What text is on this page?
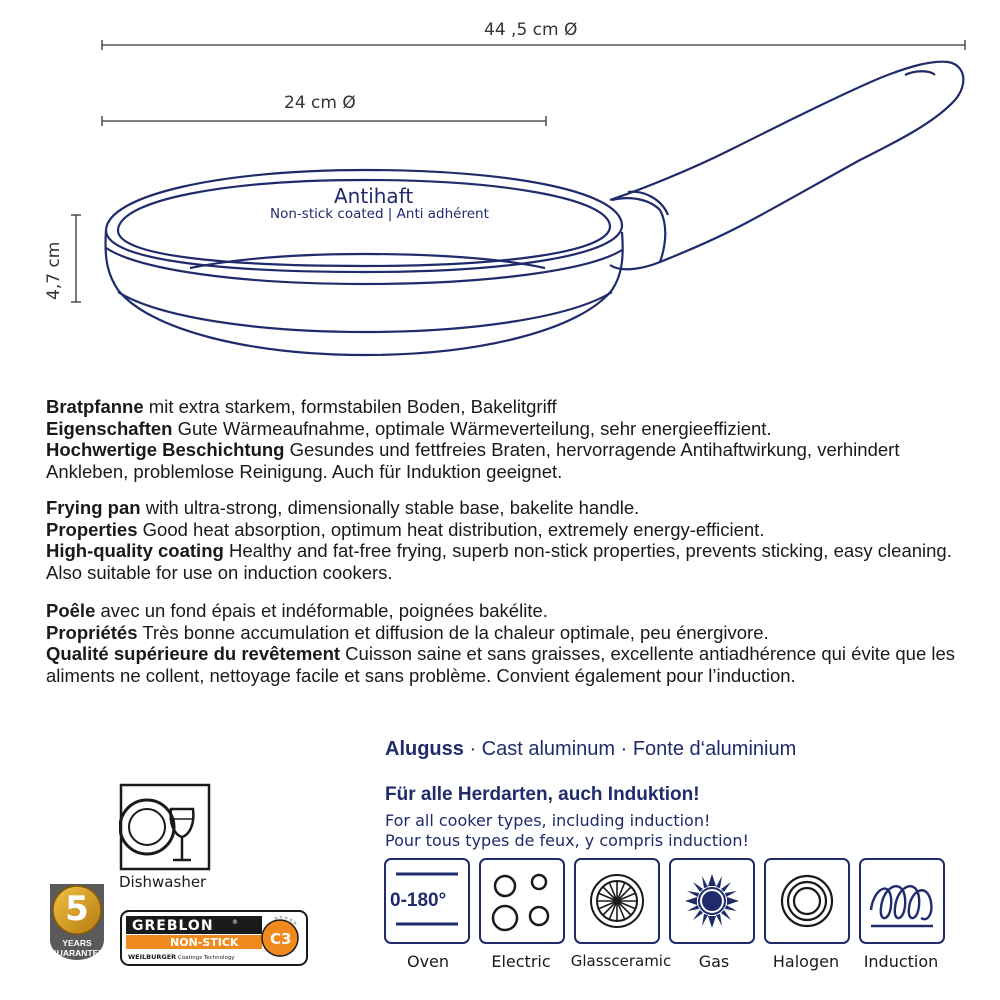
44 ,5 cm Ø
24 cm Ø
4,7 cm
Antihaft
Non-stick coated | Anti adhérent

Bratpfanne mit extra starkem, formstabilen Boden, Bakelitgriff

Eigenschaften Gute Wärmeaufnahme, optimale Wärmeverteilung, sehr energieeffizient.

Hochwertige Beschichtung Gesundes und fettfreies Braten, hervorragende Antihaftwirkung, verhindert Ankleben, problemlose Reinigung. Auch für Induktion geeignet.

Frying pan with ultra-strong, dimensionally stable base, bakelite handle.

Properties Good heat absorption, optimum heat distribution, extremely energy-efficient.

High-quality coating Healthy and fat-free frying, superb non-stick properties, prevents sticking, easy cleaning. Also suitable for use on induction cookers.

Poêle avec un fond épais et indéformable, poignées bakélite.

Propriétés Très bonne accumulation et diffusion de la chaleur optimale, peu énergivore.

Qualité supérieure du revêtement Cuisson saine et sans graisses, excellente antiadhérence qui évite que les aliments ne collent, nettoyage facile et sans problème. Convient également pour l’induction.

Aluguss · Cast aluminum · Fonte d‘aluminium
Für alle Herdarten, auch Induktion!
For all cooker types, including induction!
Pour tous types de feux, y compris induction!
0-180°
Oven	Electric	Glassceramic	Gas	Halogen	Induction
Dishwasher
5
YEARS
GUARANTEE
GREBLON	®
NON-STICK
WEILBURGER Coatings Technology
C3
